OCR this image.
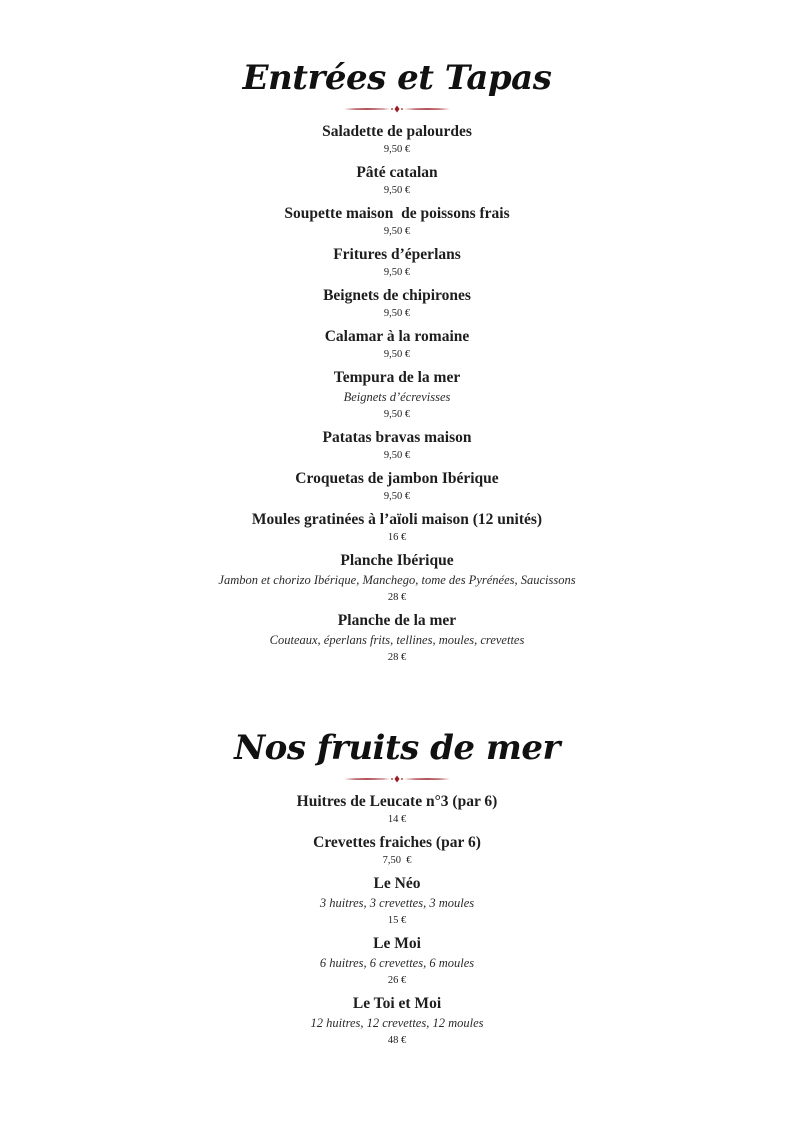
Entrées et Tapas
Saladette de palourdes
9,50 €
Pâté catalan
9,50 €
Soupette maison  de poissons frais
9,50 €
Fritures d’éperlans
9,50 €
Beignets de chipirones
9,50 €
Calamar à la romaine
9,50 €
Tempura de la mer
Beignets d’écrevisses
9,50 €
Patatas bravas maison
9,50 €
Croquetas de jambon Ibérique
9,50 €
Moules gratinées à l’aïoli maison (12 unités)
16 €
Planche Ibérique
Jambon et chorizo Ibérique, Manchego, tome des Pyrénées, Saucissons
28 €
Planche de la mer
Couteaux, éperlans frits, tellines, moules, crevettes
28 €
Nos fruits de mer
Huitres de Leucate n°3 (par 6)
14 €
Crevettes fraiches (par 6)
7,50  €
Le Néo
3 huitres, 3 crevettes, 3 moules
15 €
Le Moi
6 huitres, 6 crevettes, 6 moules
26 €
Le Toi et Moi
12 huitres, 12 crevettes, 12 moules
48 €
